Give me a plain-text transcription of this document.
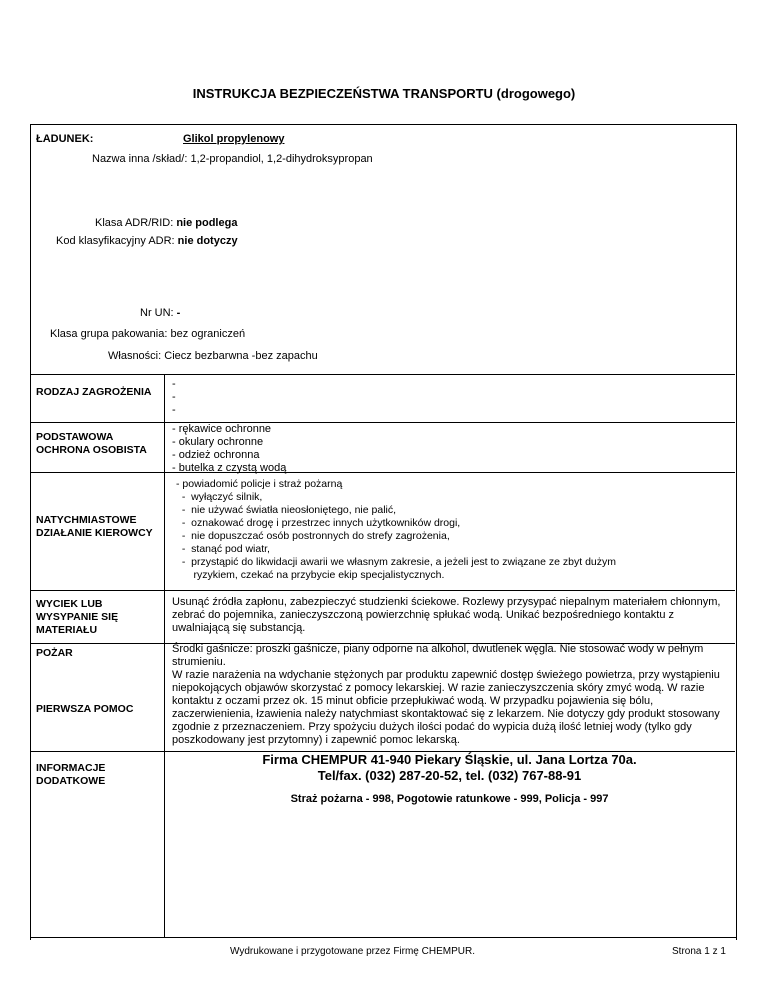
INSTRUKCJA BEZPIECZEŃSTWA TRANSPORTU (drogowego)
ŁADUNEK:	Glikol propylenowy
Nazwa inna /skład/: 1,2-propandiol, 1,2-dihydroksypropan
Klasa ADR/RID: nie podlega
Kod klasyfikacyjny ADR: nie dotyczy
Nr UN: -
Klasa grupa pakowania: bez ograniczeń
Własności: Ciecz bezbarwna -bez zapachu
RODZAJ ZAGROŻENIA
-
-
-
PODSTAWOWA OCHRONA OSOBISTA
- rękawice ochronne
- okulary ochronne
- odzież ochronna
- butelka z czystą wodą
NATYCHMIASTOWE DZIAŁANIE KIEROWCY
- powiadomić policje i straż pożarną
-  wyłączyć silnik,
-  nie używać światła nieosłoniętego, nie palić,
-  oznakować drogę i przestrzec innych użytkowników drogi,
-  nie dopuszczać osób postronnych do strefy zagrożenia,
-  stanąć pod wiatr,
-  przystąpić do likwidacji awarii we własnym zakresie, a jeżeli jest to związane ze zbyt dużym
ryzykiem, czekać na przybycie ekip specjalistycznych.
WYCIEK LUB WYSYPANIE SIĘ MATERIAŁU
Usunąć źródła zapłonu, zabezpieczyć studzienki ściekowe. Rozlewy przysypać niepalnym materiałem chłonnym, zebrać do pojemnika, zanieczyszczoną powierzchnię spłukać wodą. Unikać bezpośredniego kontaktu z uwalniającą się substancją.
POŻAR	Środki gaśnicze: proszki gaśnicze, piany odporne na alkohol, dwutlenek węgla. Nie stosować wody w pełnym strumieniu.
PIERWSZA POMOC
W razie narażenia na wdychanie stężonych par produktu zapewnić dostęp świeżego powietrza, przy wystąpieniu niepokojących objawów skorzystać z pomocy lekarskiej. W razie zanieczyszczenia skóry zmyć wodą. W razie kontaktu z oczami przez ok. 15 minut obficie przepłukiwać wodą. W przypadku pojawienia się bólu, zaczerwienienia, łzawienia należy natychmiast skontaktować się z lekarzem. Nie dotyczy gdy produkt stosowany zgodnie z przeznaczeniem. Przy spożyciu dużych ilości podać do wypicia dużą ilość letniej wody (tylko gdy poszkodowany jest przytomny) i zapewnić pomoc lekarską.
INFORMACJE DODATKOWE
Firma CHEMPUR 41-940 Piekary Śląskie, ul. Jana Lortza 70a.
Tel/fax. (032) 287-20-52, tel. (032) 767-88-91
Straż pożarna - 998, Pogotowie ratunkowe - 999, Policja - 997
Wydrukowane i przygotowane przez Firmę CHEMPUR.	Strona 1 z 1
